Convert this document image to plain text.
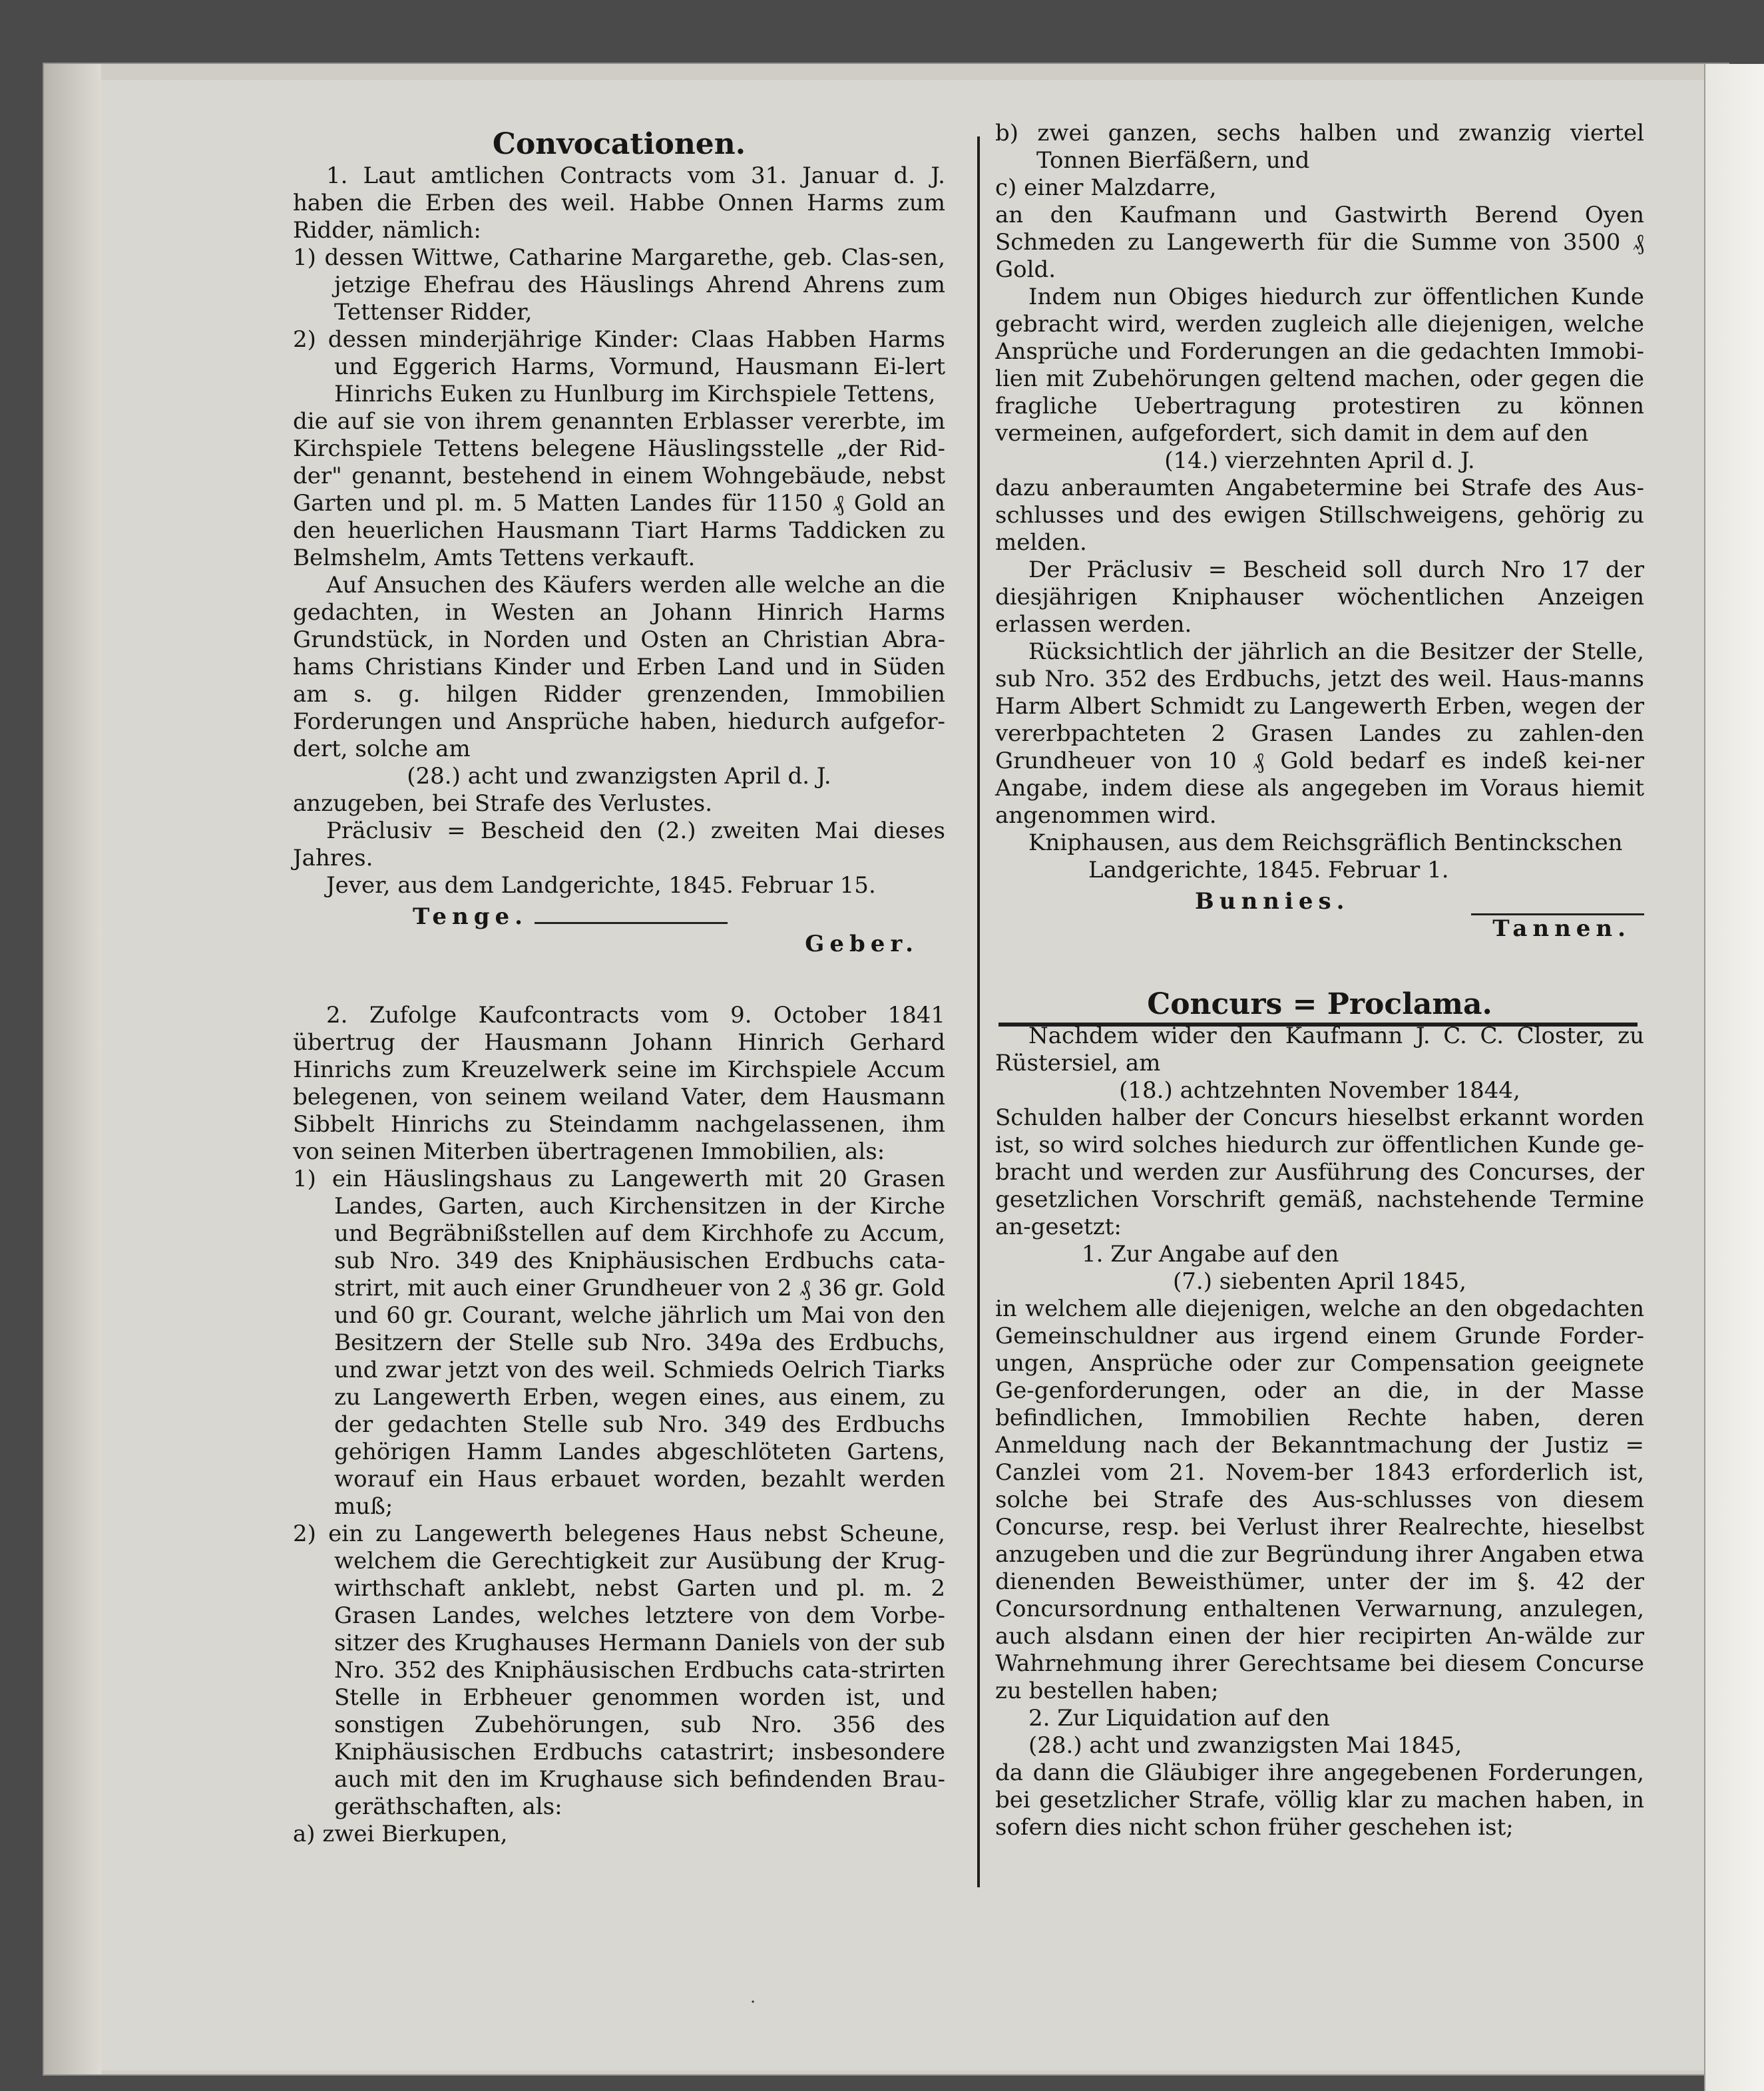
Convocationen.

1. Laut amtlichen Contracts vom 31. Januar d. J. haben die Erben des weil. Habbe Onnen Harms zum Ridder, nämlich:

1) dessen Wittwe, Catharine Margarethe, geb. Clas-sen, jetzige Ehefrau des Häuslings Ahrend Ahrens zum Tettenser Ridder,

2) dessen minderjährige Kinder: Claas Habben Harms und Eggerich Harms, Vormund, Hausmann Ei-lert Hinrichs Euken zu Hunlburg im Kirchspiele Tettens,

die auf sie von ihrem genannten Erblasser vererbte, im Kirchspiele Tettens belegene Häuslingsstelle „der Rid-der" genannt, bestehend in einem Wohngebäude, nebst Garten und pl. m. 5 Matten Landes für 1150 ₰ Gold an den heuerlichen Hausmann Tiart Harms Taddicken zu Belmshelm, Amts Tettens verkauft.

Auf Ansuchen des Käufers werden alle welche an die gedachten, in Westen an Johann Hinrich Harms Grundstück, in Norden und Osten an Christian Abra-hams Christians Kinder und Erben Land und in Süden am s. g. hilgen Ridder grenzenden, Immobilien Forderungen und Ansprüche haben, hiedurch aufgefor-dert, solche am

(28.) acht und zwanzigsten April d. J.

anzugeben, bei Strafe des Verlustes.

Präclusiv = Bescheid den (2.) zweiten Mai dieses Jahres.

Jever, aus dem Landgerichte, 1845. Februar 15.

Tenge.

Geber.

2. Zufolge Kaufcontracts vom 9. October 1841 übertrug der Hausmann Johann Hinrich Gerhard Hinrichs zum Kreuzelwerk seine im Kirchspiele Accum belegenen, von seinem weiland Vater, dem Hausmann Sibbelt Hinrichs zu Steindamm nachgelassenen, ihm von seinen Miterben übertragenen Immobilien, als:

1) ein Häuslingshaus zu Langewerth mit 20 Grasen Landes, Garten, auch Kirchensitzen in der Kirche und Begräbnißstellen auf dem Kirchhofe zu Accum, sub Nro. 349 des Kniphäusischen Erdbuchs cata-strirt, mit auch einer Grundheuer von 2 ₰ 36 gr. Gold und 60 gr. Courant, welche jährlich um Mai von den Besitzern der Stelle sub Nro. 349a des Erdbuchs, und zwar jetzt von des weil. Schmieds Oelrich Tiarks zu Langewerth Erben, wegen eines, aus einem, zu der gedachten Stelle sub Nro. 349 des Erdbuchs gehörigen Hamm Landes abgeschlöteten Gartens, worauf ein Haus erbauet worden, bezahlt werden muß;

2) ein zu Langewerth belegenes Haus nebst Scheune, welchem die Gerechtigkeit zur Ausübung der Krug-wirthschaft anklebt, nebst Garten und pl. m. 2 Grasen Landes, welches letztere von dem Vorbe-sitzer des Krughauses Hermann Daniels von der sub Nro. 352 des Kniphäusischen Erdbuchs cata-strirten Stelle in Erbheuer genommen worden ist, und sonstigen Zubehörungen, sub Nro. 356 des Kniphäusischen Erdbuchs catastrirt; insbesondere auch mit den im Krughause sich befindenden Brau-geräthschaften, als:

a) zwei Bierkupen,

b) zwei ganzen, sechs halben und zwanzig viertel Tonnen Bierfäßern, und

c) einer Malzdarre,

an den Kaufmann und Gastwirth Berend Oyen Schmeden zu Langewerth für die Summe von 3500 ₰ Gold.

Indem nun Obiges hiedurch zur öffentlichen Kunde gebracht wird, werden zugleich alle diejenigen, welche Ansprüche und Forderungen an die gedachten Immobi-lien mit Zubehörungen geltend machen, oder gegen die fragliche Uebertragung protestiren zu können vermeinen, aufgefordert, sich damit in dem auf den

(14.) vierzehnten April d. J.

dazu anberaumten Angabetermine bei Strafe des Aus-schlusses und des ewigen Stillschweigens, gehörig zu melden.

Der Präclusiv = Bescheid soll durch Nro 17 der diesjährigen Kniphauser wöchentlichen Anzeigen erlassen werden.

Rücksichtlich der jährlich an die Besitzer der Stelle, sub Nro. 352 des Erdbuchs, jetzt des weil. Haus-manns Harm Albert Schmidt zu Langewerth Erben, wegen der vererbpachteten 2 Grasen Landes zu zahlen-den Grundheuer von 10 ₰ Gold bedarf es indeß kei-ner Angabe, indem diese als angegeben im Voraus hiemit angenommen wird.

Kniphausen, aus dem Reichsgräflich Bentinckschen

Landgerichte, 1845. Februar 1.

Bunnies.

Tannen.

Concurs = Proclama.

Nachdem wider den Kaufmann J. C. C. Closter, zu Rüstersiel, am

(18.) achtzehnten November 1844,

Schulden halber der Concurs hieselbst erkannt worden ist, so wird solches hiedurch zur öffentlichen Kunde ge-bracht und werden zur Ausführung des Concurses, der gesetzlichen Vorschrift gemäß, nachstehende Termine an-gesetzt:

1. Zur Angabe auf den

(7.) siebenten April 1845,

in welchem alle diejenigen, welche an den obgedachten Gemeinschuldner aus irgend einem Grunde Forder-ungen, Ansprüche oder zur Compensation geeignete Ge-genforderungen, oder an die, in der Masse befindlichen, Immobilien Rechte haben, deren Anmeldung nach der Bekanntmachung der Justiz = Canzlei vom 21. Novem-ber 1843 erforderlich ist, solche bei Strafe des Aus-schlusses von diesem Concurse, resp. bei Verlust ihrer Realrechte, hieselbst anzugeben und die zur Begründung ihrer Angaben etwa dienenden Beweisthümer, unter der im §. 42 der Concursordnung enthaltenen Verwarnung, anzulegen, auch alsdann einen der hier recipirten An-wälde zur Wahrnehmung ihrer Gerechtsame bei diesem Concurse zu bestellen haben;

2. Zur Liquidation auf den

(28.) acht und zwanzigsten Mai 1845,

da dann die Gläubiger ihre angegebenen Forderungen, bei gesetzlicher Strafe, völlig klar zu machen haben, in sofern dies nicht schon früher geschehen ist;

·
